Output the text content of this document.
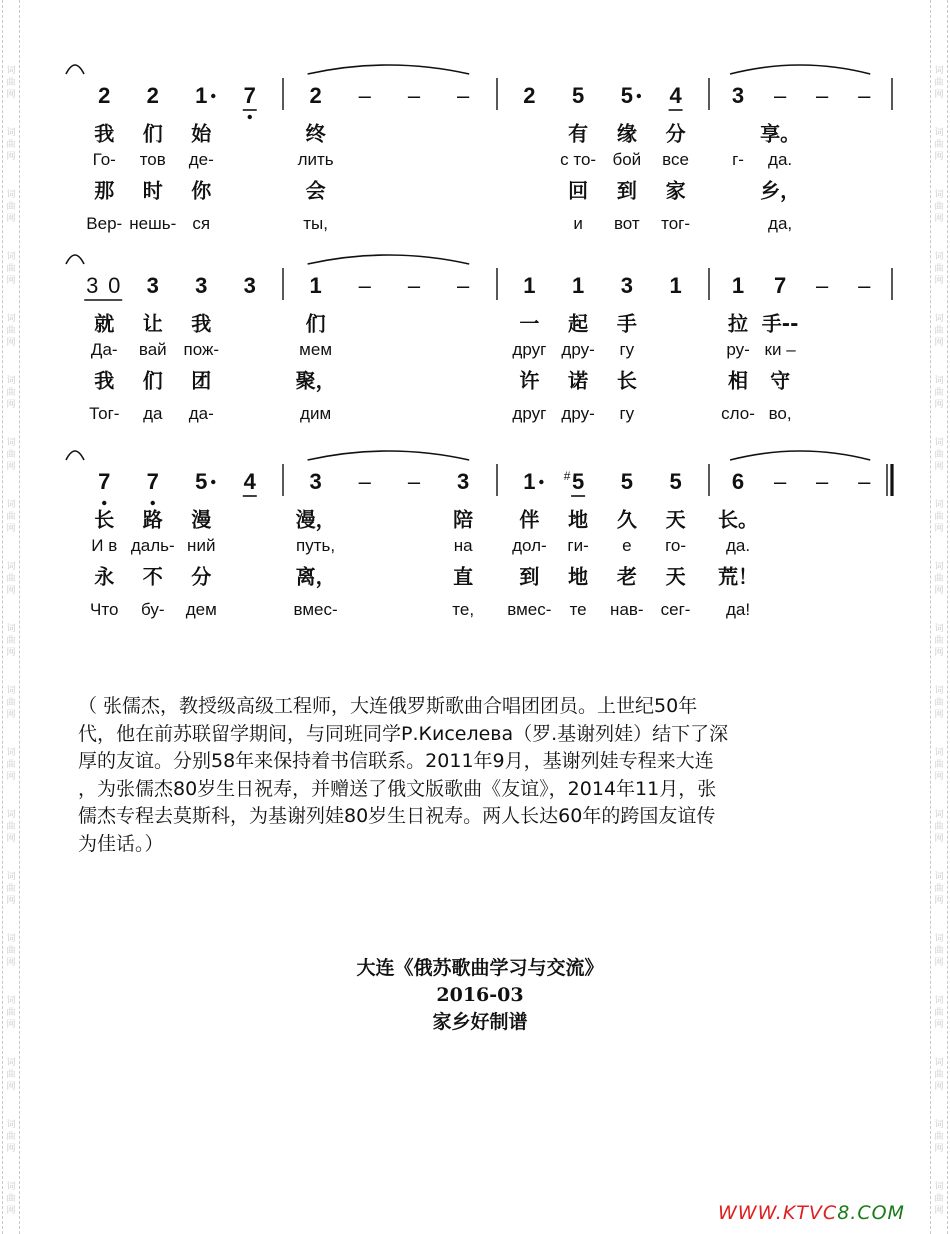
词
曲
网
词
曲
网
词
曲
网
词
曲
网
词
曲
网
词
曲
网
词
曲
网
词
曲
网
词
曲
网
词
曲
网
词
曲
网
词
曲
网
词
曲
网
词
曲
网
词
曲
网
词
曲
网
词
曲
网
词
曲
网
词
曲
网
词
曲
网
词
曲
网
词
曲
网
词
曲
网
词
曲
网
词
曲
网
词
曲
网
词
曲
网
词
曲
网
词
曲
网
词
曲
网
词
曲
网
词
曲
网
词
曲
网
词
曲
网
词
曲
网
词
曲
网
词
曲
网
词
曲
网
2 2 1 7 2 – – – 2 5 5 4 3 – – –
我 们 始	终	有 缘 分	享。
Го- тов де-	лить	с то- бой все	г- да.
那 时 你	会	回 到 家	乡，
Вер- нешь- ся	ты,	и вот тог-	да,
3 0 3 3 3 1 – – – 1 1 3 1 1 7 – –
就 让 我	们	一 起 手	拉 手--
Да- вай пож-	мем	друг дру- гу	ру- ки –
我 们 团	聚，	许 诺 长	相 守
Тог- да да-	дим	друг дру- гу	сло- во,
7 7 5 4 3 – – 3 1 5
# 5 5 6 – – –
长 路 漫	漫，	陪 伴 地 久 天 长。
И в даль- ний	путь,	на дол- ги- е го- да.
永 不 分	离，	直 到 地 老 天 荒！
Что бу- дем	вмес-	те, вмес- те нав- сег- да!
（ 张儒杰，教授级高级工程师，大连俄罗斯歌曲合唱团团员。上世纪50年
代，他在前苏联留学期间，与同班同学Р.Киселева（罗.基谢列娃）结下了深
厚的友谊。分别58年来保持着书信联系。2011年9月，基谢列娃专程来大连
，为张儒杰80岁生日祝寿，并赠送了俄文版歌曲《友谊》，2014年11月，张
儒杰专程去莫斯科，为基谢列娃80岁生日祝寿。两人长达60年的跨国友谊传
为佳话。）
大连《俄苏歌曲学习与交流》
2016-03
家乡好制谱
WWW.KTVC8.COM
